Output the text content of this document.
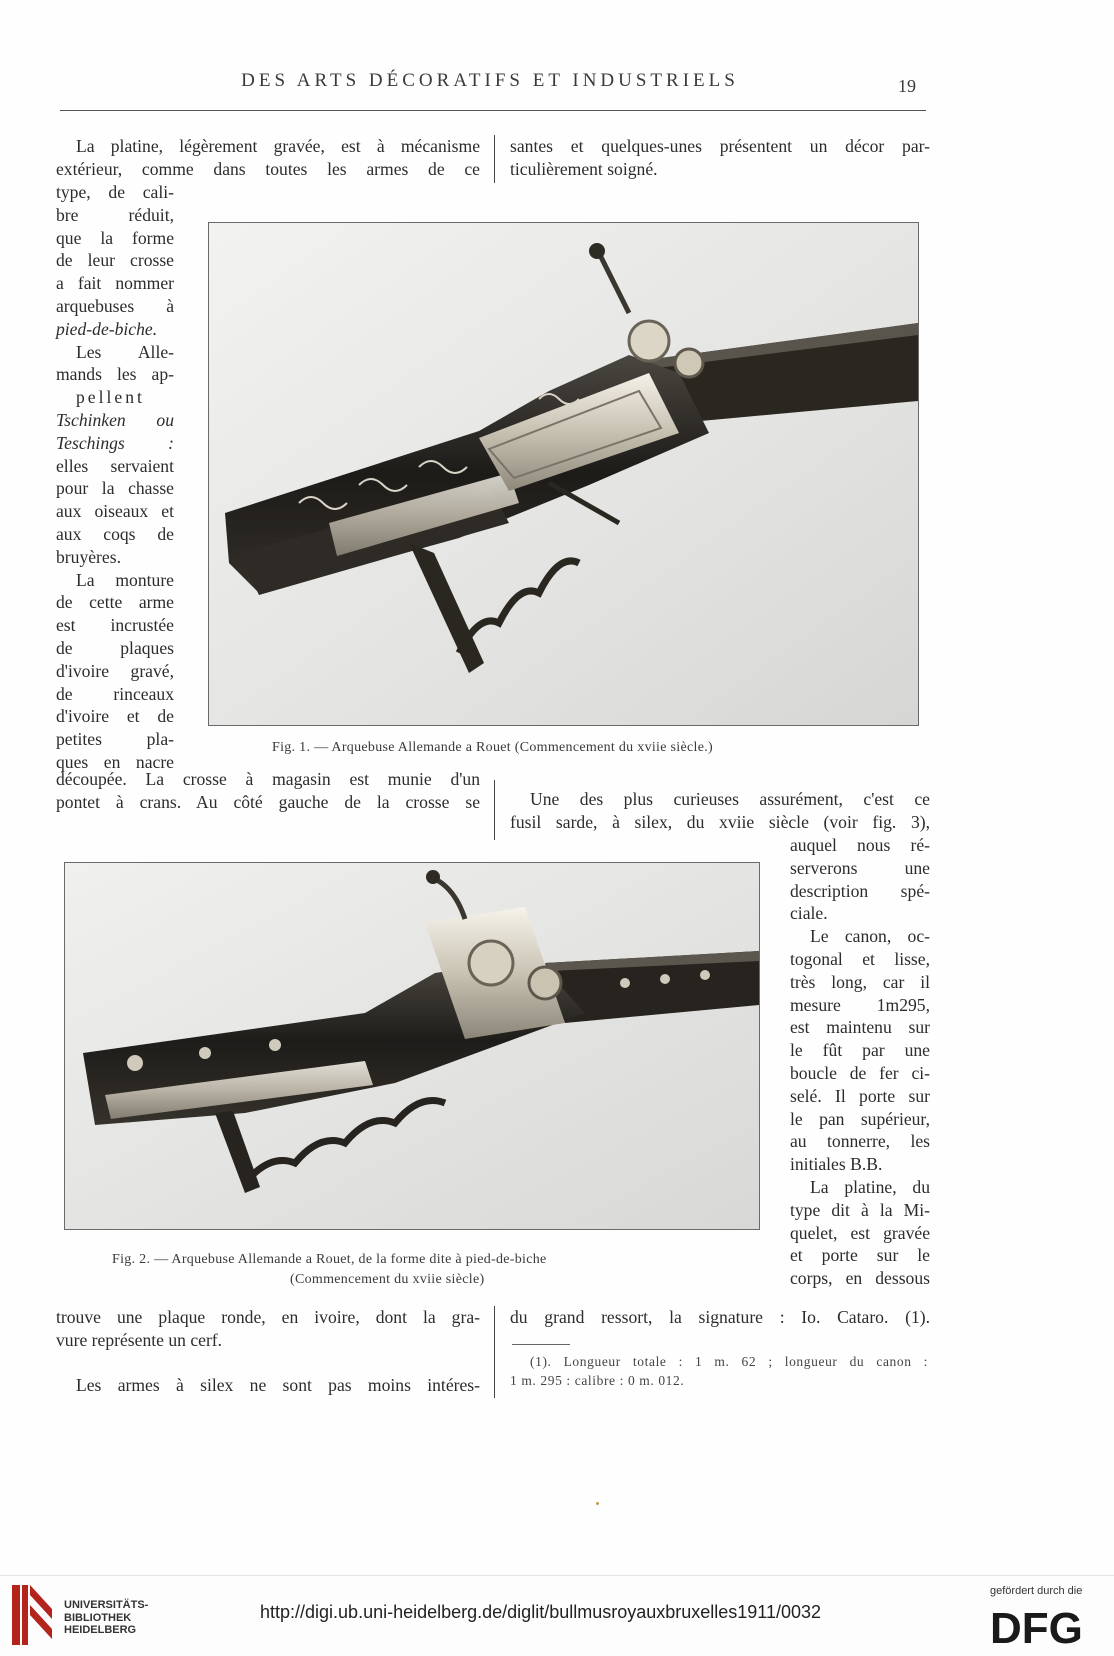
DES ARTS DÉCORATIFS ET INDUSTRIELS	19
La platine, légèrement gravée, est à mécanisme
extérieur, comme dans toutes les armes de ce
santes et quelques-unes présentent un décor par-
ticulièrement soigné.
type, de cali-
bre réduit,
que la forme
de leur crosse
a fait nommer
arquebuses à
pied-de-biche.
Les Alle-
mands les ap-
pellent
Tschinken ou
Teschings :
elles servaient
pour la chasse
aux oiseaux et
aux coqs de
bruyères.
La monture
de cette arme
est incrustée
de plaques
d'ivoire gravé,
de rinceaux
d'ivoire et de
petites pla-
ques en nacre
Fig. 1. — Arquebuse Allemande a Rouet (Commencement du xviie siècle.)
découpée. La crosse à magasin est munie d'un
pontet à crans. Au côté gauche de la crosse se	Une des plus curieuses assurément, c'est ce
fusil sarde, à silex, du xviie siècle (voir fig. 3),
auquel nous ré-
serverons une
description spé-
ciale.
Le canon, oc-
togonal et lisse,
très long, car il
mesure 1m295,
est maintenu sur
le fût par une
boucle de fer ci-
selé. Il porte sur
le pan supérieur,
au tonnerre, les
initiales B.B.
La platine, du
type dit à la Mi-
quelet, est gravée
et porte sur le
corps, en dessous
Fig. 2. — Arquebuse Allemande a Rouet, de la forme dite à pied-de-biche
(Commencement du xviie siècle)
trouve une plaque ronde, en ivoire, dont la gra-
vure représente un cerf.
Les armes à silex ne sont pas moins intéres-
du grand ressort, la signature : Io. Cataro. (1).
(1). Longueur totale : 1 m. 62 ; longueur du canon :
1 m. 295 : calibre : 0 m. 012.
UNIVERSITÄTS-
BIBLIOTHEK
HEIDELBERG
http://digi.ub.uni-heidelberg.de/diglit/bullmusroyauxbruxelles1911/0032
gefördert durch die
DFG
